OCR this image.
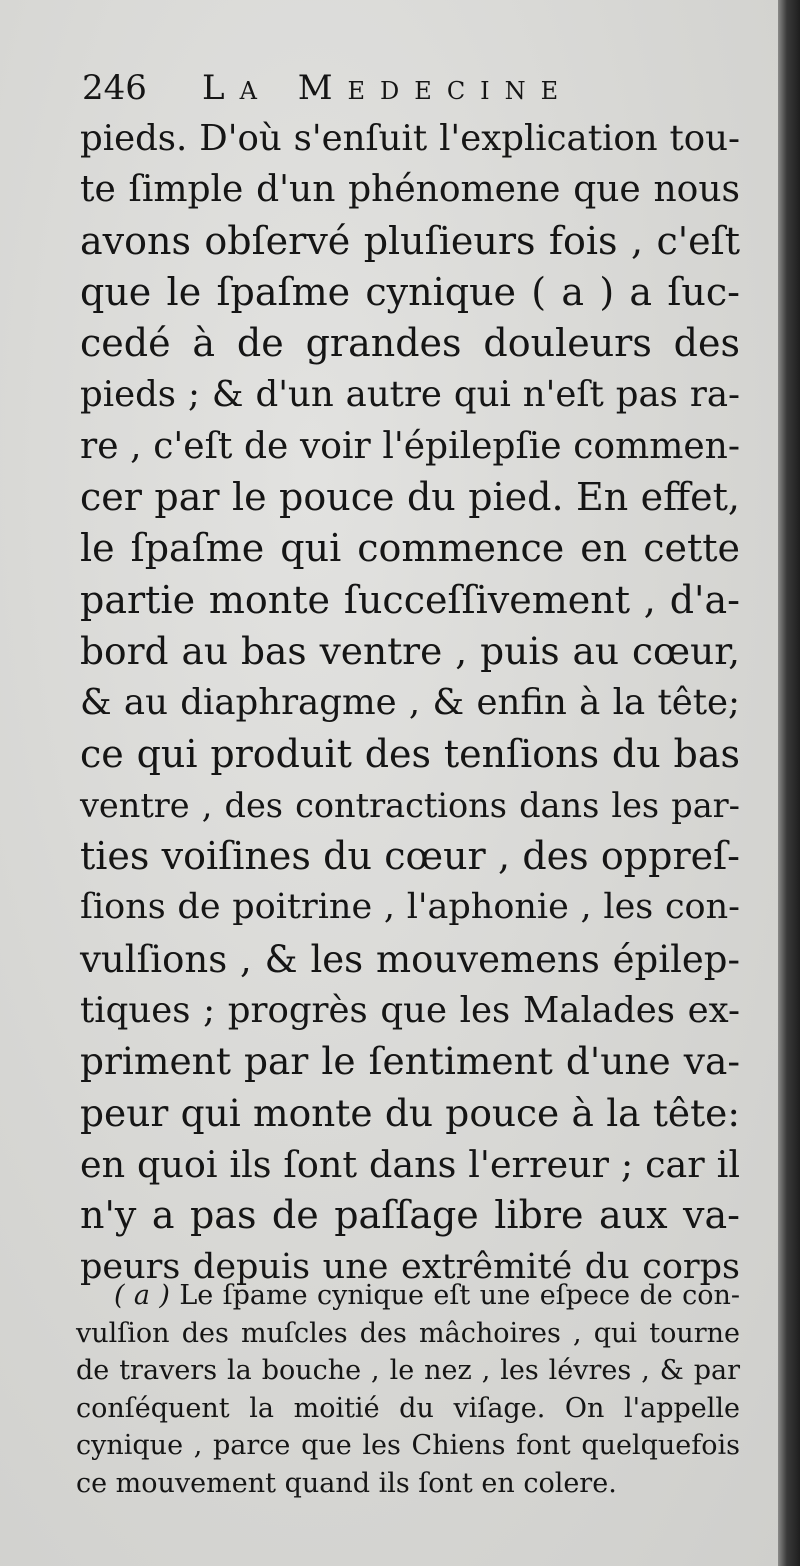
246 La Medecine
pieds. D'où s'enſuit l'explication tou-
te ſimple d'un phénomene que nous
avons obſervé pluſieurs fois , c'eſt
que le ſpaſme cynique ( a ) a ſuc-
cedé à de grandes douleurs des
pieds ; & d'un autre qui n'eſt pas ra-
re , c'eſt de voir l'épilepſie commen-
cer par le pouce du pied. En effet,
le ſpaſme qui commence en cette
partie monte ſucceſſivement , d'a-
bord au bas ventre , puis au cœur,
& au diaphragme , & enfin à la tête;
ce qui produit des tenſions du bas
ventre , des contractions dans les par-
ties voiſines du cœur , des oppreſ-
ſions de poitrine , l'aphonie , les con-
vulſions , & les mouvemens épilep-
tiques ; progrès que les Malades ex-
priment par le ſentiment d'une va-
peur qui monte du pouce à la tête:
en quoi ils ſont dans l'erreur ; car il
n'y a pas de paſſage libre aux va-
peurs depuis une extrêmité du corps
( a ) Le ſpame cynique eſt une eſpece de con-
vulſion des muſcles des mâchoires , qui tourne
de travers la bouche , le nez , les lévres , & par
conſéquent la moitié du viſage. On l'appelle
cynique , parce que les Chiens font quelquefois
ce mouvement quand ils ſont en colere.
